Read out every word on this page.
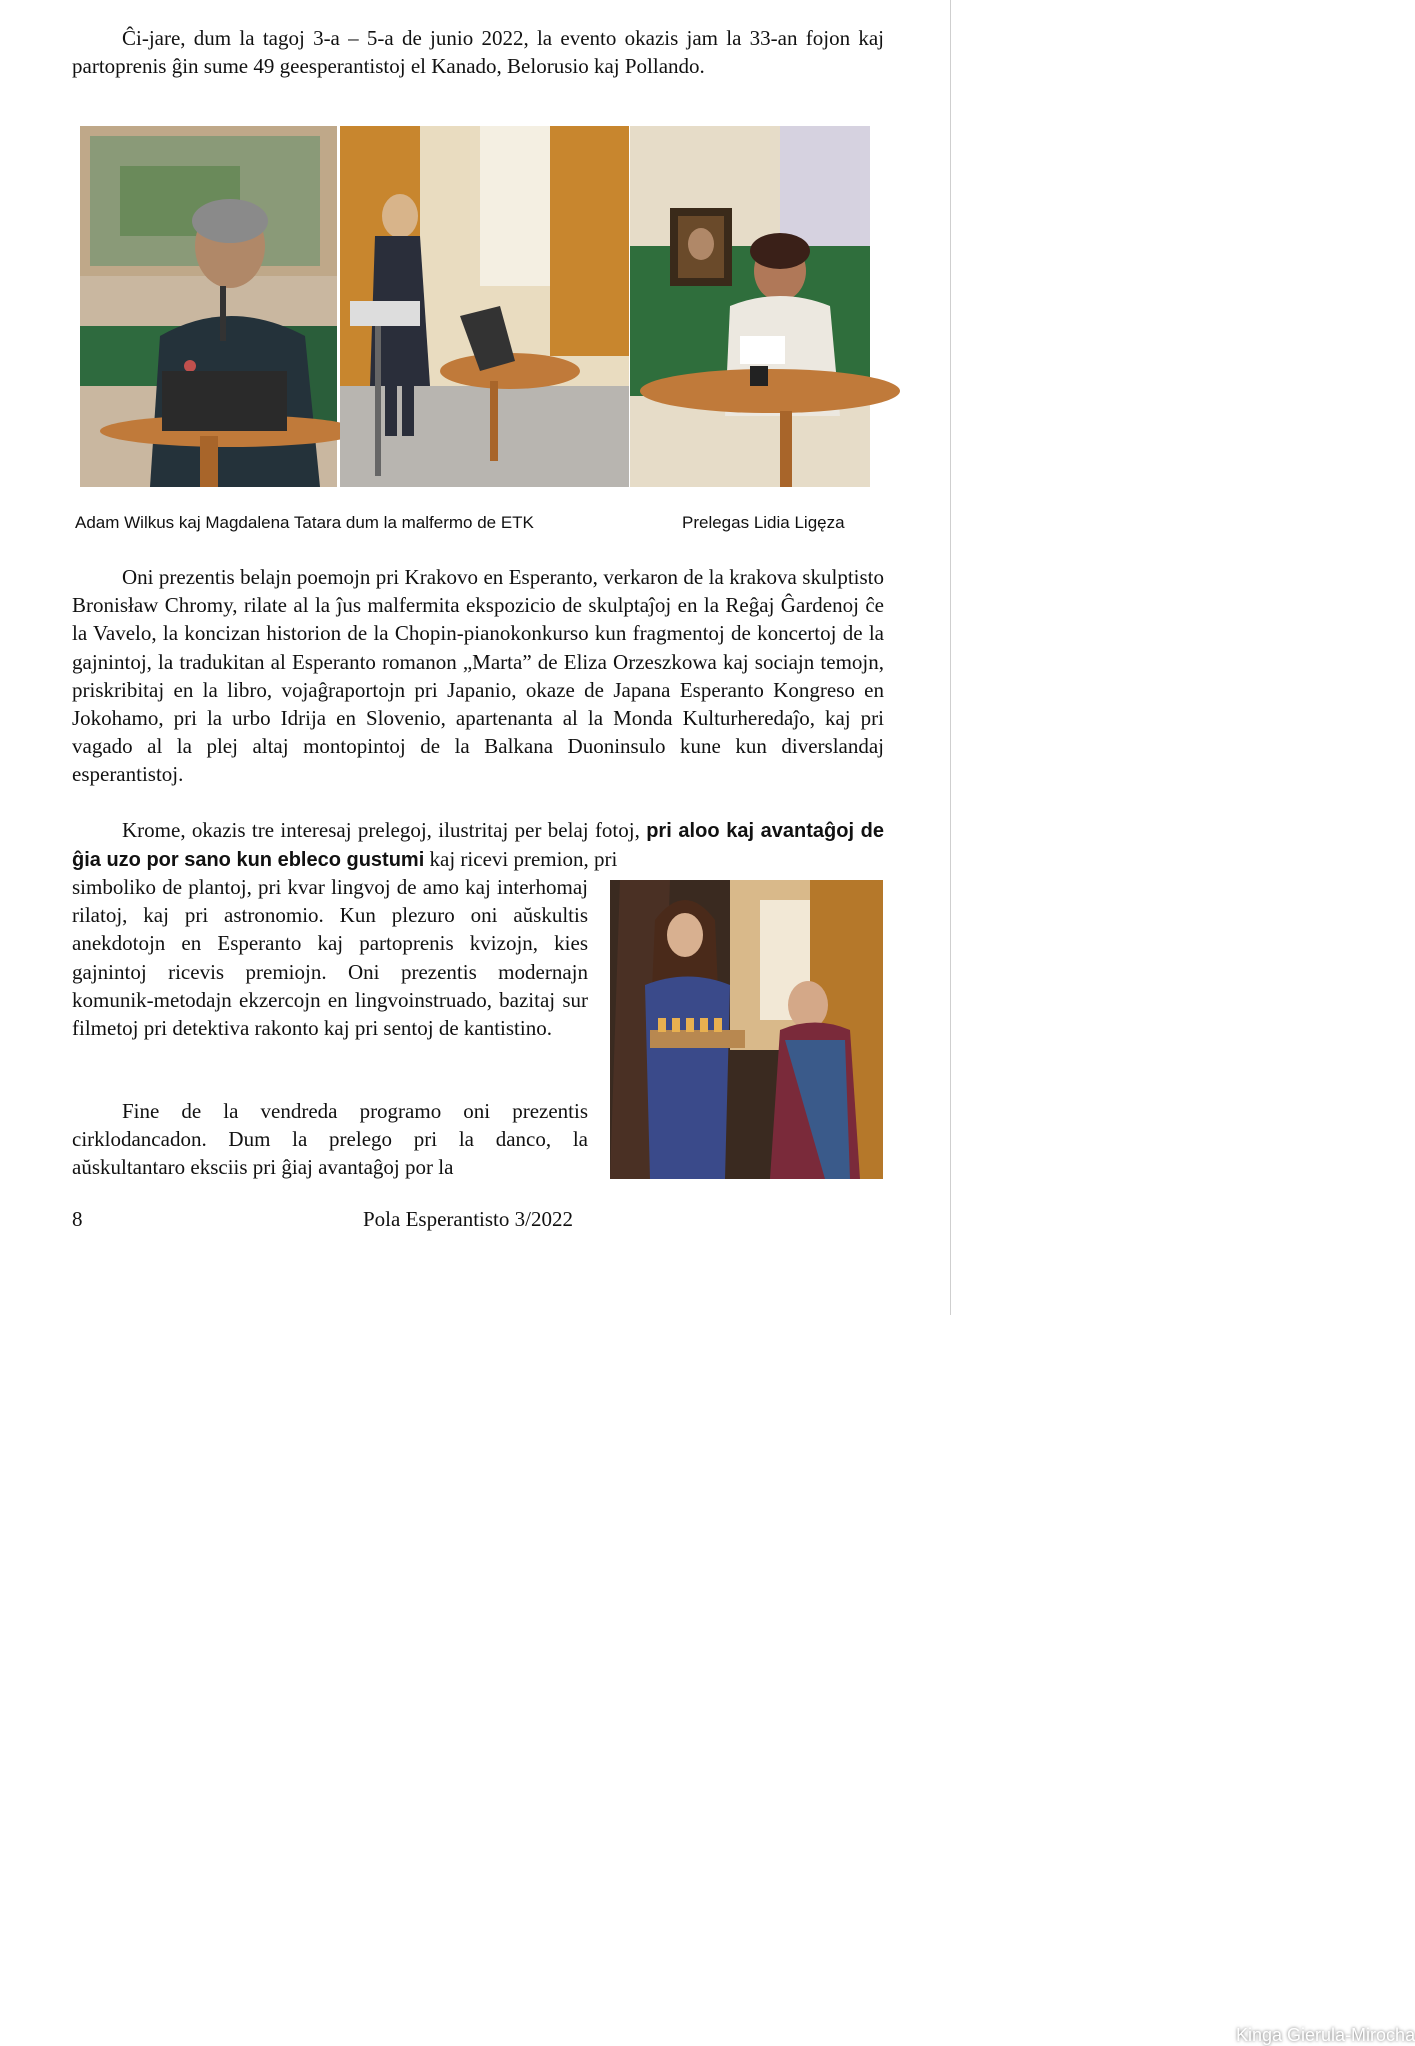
Ĉi-jare, dum la tagoj 3-a – 5-a de junio 2022, la evento okazis jam la 33-an fojon kaj partoprenis ĝin sume 49 geesperantistoj el Kanado, Belorusio kaj Pollando.

Adam Wilkus kaj Magdalena Tatara dum la malfermo de ETK	Prelegas Lidia Ligęza

Oni prezentis belajn poemojn pri Krakovo en Esperanto, verkaron de la krakova skulptisto Bronisław Chromy, rilate al la ĵus malfermita ekspozicio de skulptaĵoj en la Reĝaj Ĝardenoj ĉe la Vavelo, la koncizan historion de la Chopin-pianokonkurso kun fragmentoj de koncertoj de la gajnintoj, la tradukitan al Esperanto romanon „Marta” de Eliza Orzeszkowa kaj sociajn temojn, priskribitaj en la libro, vojaĝraportojn pri Japanio, okaze de Japana Esperanto Kongreso en Jokohamo, pri la urbo Idrija en Slovenio, apartenanta al la Monda Kulturheredaĵo, kaj pri vagado al la plej altaj montopintoj de la Balkana Duoninsulo kune kun diverslandaj esperantistoj.

Krome, okazis tre interesaj prelegoj, ilustritaj per belaj fotoj, pri aloo kaj avantaĝoj de ĝia uzo por sano kun ebleco gustumi kaj ricevi premion, pri

simboliko de plantoj, pri kvar lingvoj de amo kaj interhomaj rilatoj, kaj pri astronomio. Kun plezuro oni aŭskultis anekdotojn en Esperanto kaj partoprenis kvizojn, kies gajnintoj ricevis premiojn. Oni prezentis modernajn komunik-metodajn ekzercojn en lingvoinstruado, bazitaj sur filmetoj pri detektiva rakonto kaj pri sentoj de kantistino.

Fine de la vendreda programo oni prezentis cirklodancadon. Dum la prelego pri la danco, la aŭskultantaro eksciis pri ĝiaj avantaĝoj por la

Kinga Gierula-Mirocha
8	Pola Esperantisto 3/2022
